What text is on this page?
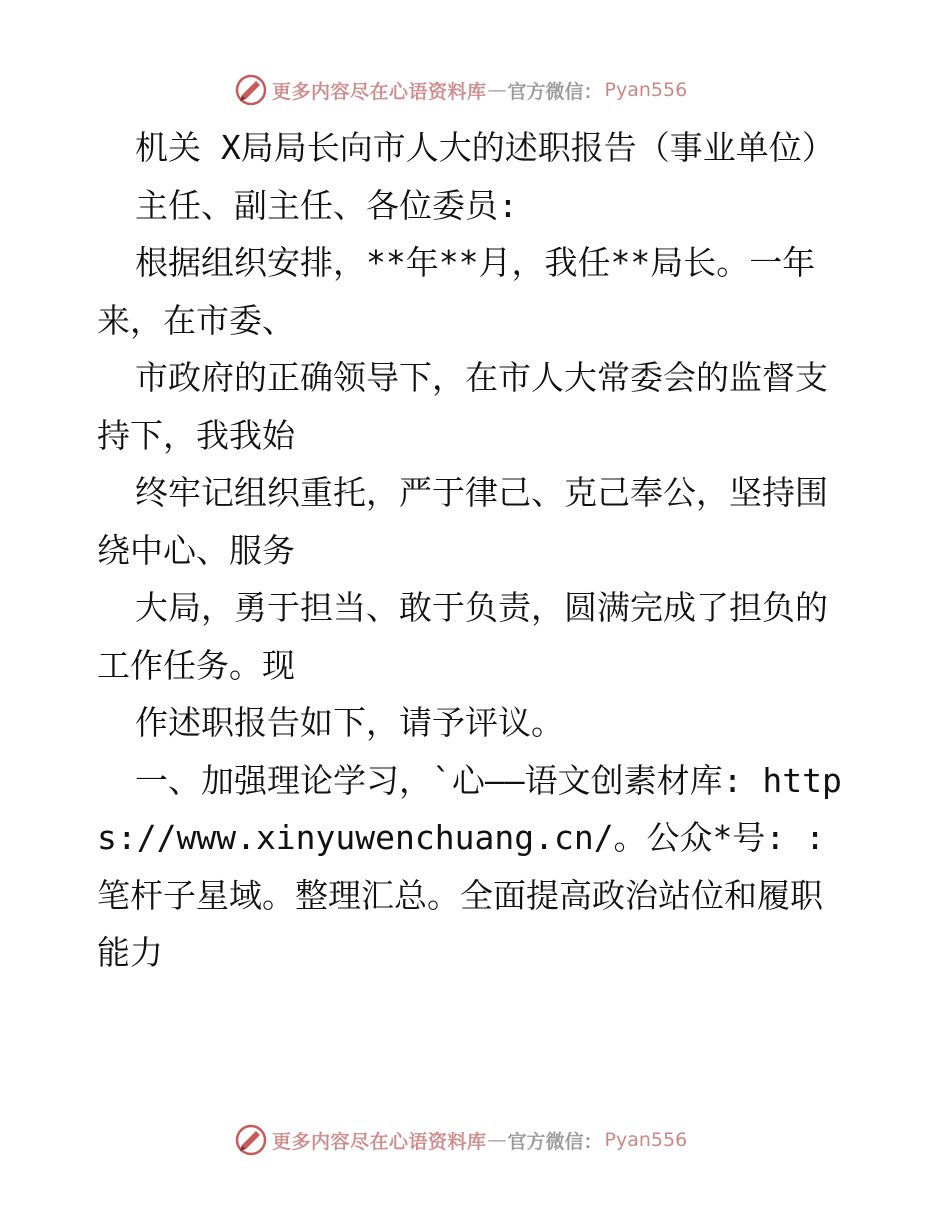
更多内容尽在心语资料库 — 官方微信： Pyan556

机关 X局局长向市人大的述职报告（事业单位）

主任、副主任、各位委员:

根据组织安排，**年**月，我任**局长。一年来，在市委、

市政府的正确领导下，在市人大常委会的监督支持下，我我始

终牢记组织重托，严于律己、克己奉公，坚持围绕中心、服务

大局，勇于担当、敢于负责，圆满完成了担负的工作任务。现

作述职报告如下，请予评议。

一、加强理论学习，`心——语文创素材库: https://www.xinyuwenchuang.cn/。公众*号: :笔杆子星域。整理汇总。全面提高政治站位和履职能力

更多内容尽在心语资料库 — 官方微信： Pyan556
